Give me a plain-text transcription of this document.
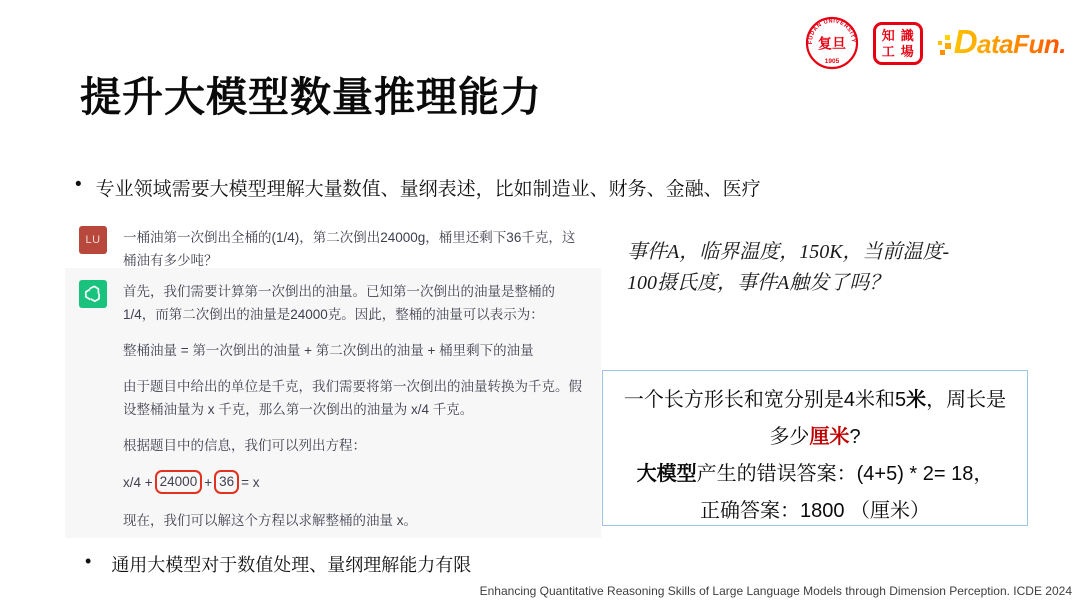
FUDAN UNIVERSITY
复旦
1905
知 識
工 場 DataFun.
提升大模型数量推理能力
• 专业领域需要大模型理解大量数值、量纲表述，比如制造业、财务、金融、医疗
LU 一桶油第一次倒出全桶的(1/4)，第二次倒出24000g，桶里还剩下36千克，这桶油有多少吨？

首先，我们需要计算第一次倒出的油量。已知第一次倒出的油量是整桶的1/4，而第二次倒出的油量是24000克。因此，整桶的油量可以表示为：

整桶油量 = 第一次倒出的油量 + 第二次倒出的油量 + 桶里剩下的油量

由于题目中给出的单位是千克，我们需要将第一次倒出的油量转换为千克。假设整桶油量为 x 千克，那么第一次倒出的油量为 x/4 千克。

根据题目中的信息，我们可以列出方程：

x/4 + 24000 + 36 = x

现在，我们可以解这个方程以求解整桶的油量 x。

事件A，临界温度，150K，当前温度-
100摄氏度，事件A触发了吗？
一个长方形长和宽分别是4米和5米，周长是
多少厘米?
大模型产生的错误答案：(4+5) * 2= 18，
正确答案：1800 （厘米）
• 通用大模型对于数值处理、量纲理解能力有限
Enhancing Quantitative Reasoning Skills of Large Language Models through Dimension Perception. ICDE 2024
